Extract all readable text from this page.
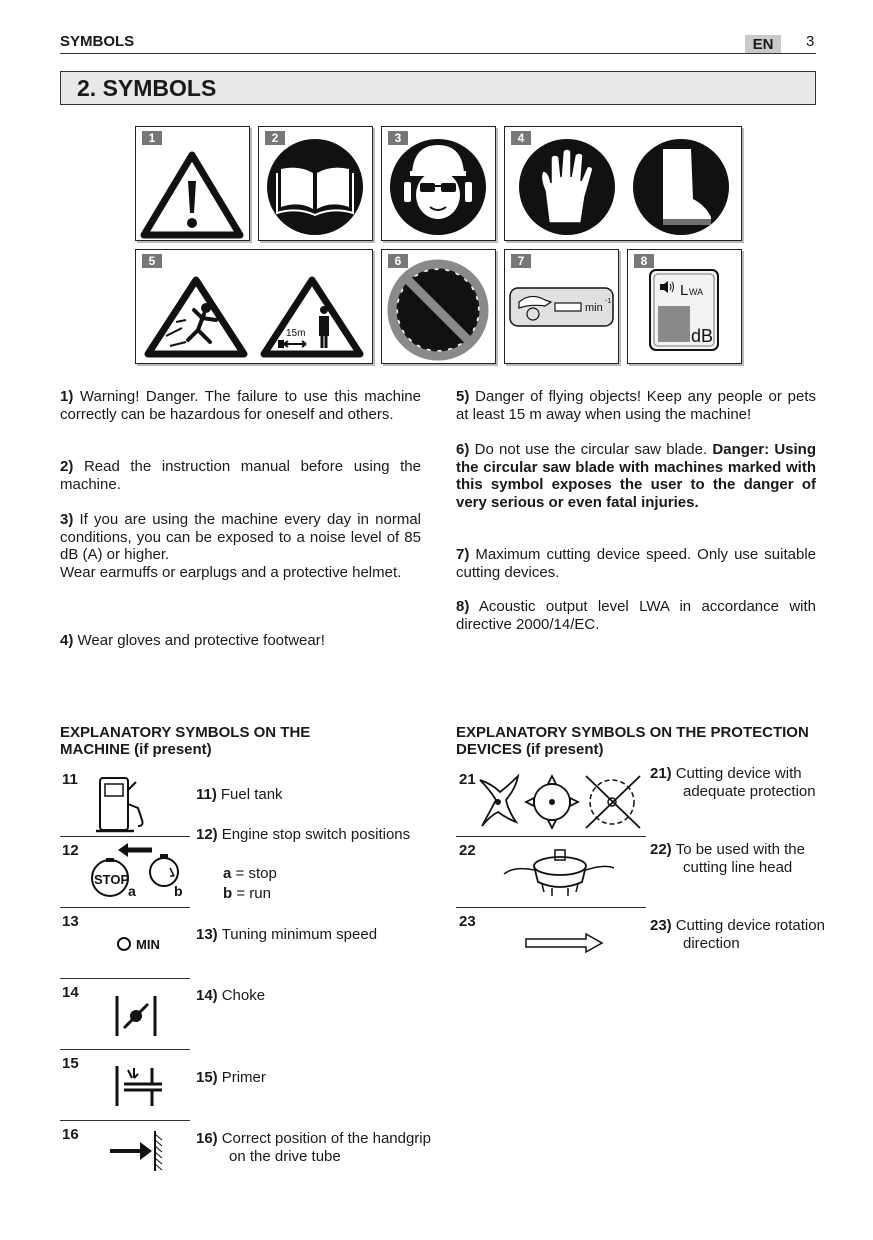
SYMBOLS	EN	3
2. SYMBOLS
1	2	3	4
15m
5	6
min
-1
7
L WA
dB
8
1) Warning! Danger. The failure to use this machine correctly can be hazardous for oneself and others.
2) Read the instruction manual before using the machine.
3) If you are using the machine every day in normal conditions, you can be exposed to a noise level of 85 dB (A) or higher.
Wear earmuffs or earplugs and a protective helmet.
4) Wear gloves and protective footwear!
5) Danger of flying objects! Keep any people or pets at least 15 m away when using the machine!
6) Do not use the circular saw blade. Danger: Using the circular saw blade with machines marked with this symbol exposes the user to the danger of very serious or even fatal injuries.
7) Maximum cutting device speed. Only use suitable cutting devices.
8) Acoustic output level LWA in accordance with directive 2000/14/EC.
EXPLANATORY SYMBOLS ON THE MACHINE (if present)
11
11) Fuel tank
12
STOP
a	b
12) Engine stop switch positions
a = stop
b = run
13
MIN
13) Tuning minimum speed
14	14) Choke
15
15) Primer
16	16) Correct position of the handgrip on the drive tube
EXPLANATORY SYMBOLS ON THE PROTECTION DEVICES (if present)
21	21) Cutting device with adequate protection
22	22) To be used with the cutting line head
23	23) Cutting device rotation direction
